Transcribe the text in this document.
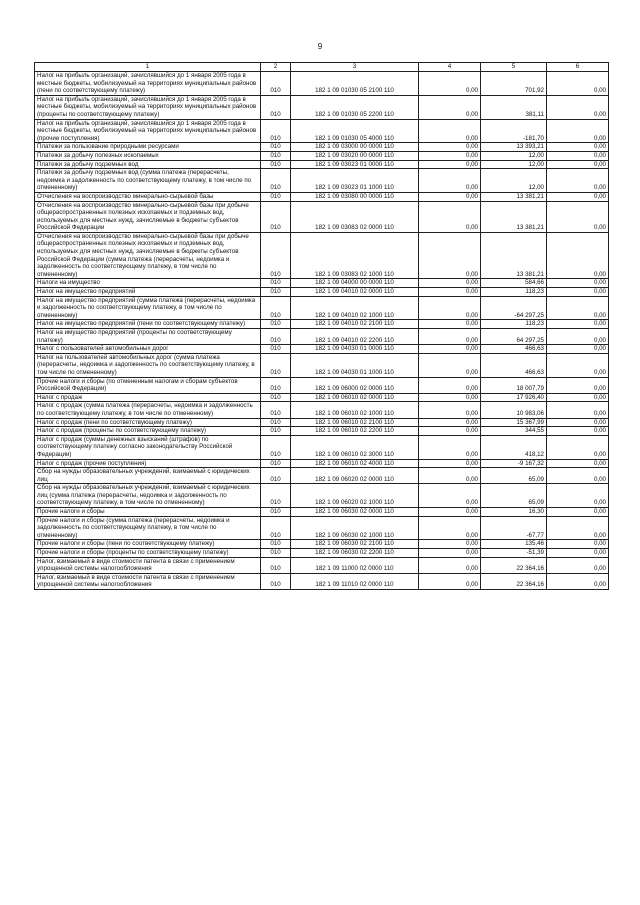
9
1	2	3	4	5	6
Налог на прибыль организаций, зачислявшийся до 1 января 2005 года в местные бюджеты, мобилизуемый на территориях муниципальных районов (пени по соответствующему платежу)	010	182 1 09 01030 05 2100 110	0,00	701,92	0,00
Налог на прибыль организаций, зачислявшийся до 1 января 2005 года в местные бюджеты, мобилизуемый на территориях муниципальных районов (проценты по соответствующему платежу)	010	182 1 09 01030 05 2200 110	0,00	381,11	0,00
Налог на прибыль организаций, зачислявшийся до 1 января 2005 года в местные бюджеты, мобилизуемый на территориях муниципальных районов (прочие поступления)	010	182 1 09 01030 05 4000 110	0,00	-181,70	0,00
Платежи за пользование природными ресурсами	010	182 1 09 03000 00 0000 110	0,00	13 393,21	0,00
Платежи за добычу полезных ископаемых	010	182 1 09 03020 00 0000 110	0,00	12,00	0,00
Платежи за добычу подземных вод	010	182 1 09 03023 01 0000 110	0,00	12,00	0,00
Платежи за добычу подземных вод (сумма платежа (перерасчеты, недоимка и задолженность по соответствующему платежу, в том числе по отмененному)	010	182 1 09 03023 01 1000 110	0,00	12,00	0,00
Отчисления на воспроизводство минерально-сырьевой базы	010	182 1 09 03080 00 0000 110	0,00	13 381,21	0,00
Отчисления на воспроизводство минерально-сырьевой базы при добыче общераспространенных полезных ископаемых и подземных вод, используемых для местных нужд, зачисляемые в бюджеты субъектов Российской Федерации	010	182 1 09 03083 02 0000 110	0,00	13 381,21	0,00
Отчисления на воспроизводство минерально-сырьевой базы при добыче общераспространенных полезных ископаемых и подземных вод, используемых для местных нужд, зачисляемые в бюджеты субъектов Российской Федерации (сумма платежа (перерасчеты, недоимка и задолженность по соответствующему платежу, в том числе по отмененному)	010	182 1 09 03083 02 1000 110	0,00	13 381,21	0,00
Налоги на имущество	010	182 1 09 04000 00 0000 110	0,00	584,66	0,00
Налог на имущество предприятий	010	182 1 09 04010 02 0000 110	0,00	118,23	0,00
Налог на имущество предприятий (сумма платежа (перерасчеты, недоимка и задолженность по соответствующему платежу, в том числе по отмененному)	010	182 1 09 04010 02 1000 110	0,00	-64 297,25	0,00
Налог на имущество предприятий (пени по соответствующему платежу)	010	182 1 09 04010 02 2100 110	0,00	118,23	0,00
Налог на имущество предприятий (проценты по соответствующему платежу)	010	182 1 09 04010 02 2200 110	0,00	64 297,25	0,00
Налог с пользователей автомобильных дорог	010	182 1 09 04030 01 0000 110	0,00	466,63	0,00
Налог на пользователей автомобильных дорог (сумма платежа (перерасчеты, недоимка и задолженность по соответствующему платежу, в том числе по отмененному)	010	182 1 09 04030 01 1000 110	0,00	466,63	0,00
Прочие налоги и сборы (по отмененным налогам и сборам субъектов Российской Федерации)	010	182 1 09 06000 02 0000 110	0,00	18 007,79	0,00
Налог с продаж	010	182 1 09 06010 02 0000 110	0,00	17 926,40	0,00
Налог с продаж (сумма платежа (перерасчеты, недоимка и задолженность по соответствующему платежу, в том числе по отмененному)	010	182 1 09 06010 02 1000 110	0,00	10 983,06	0,00
Налог с продаж (пени по соответствующему платежу)	010	182 1 09 06010 02 2100 110	0,00	15 367,99	0,00
Налог с продаж (проценты по соответствующему платежу)	010	182 1 09 06010 02 2200 110	0,00	344,55	0,00
Налог с продаж (суммы денежных взысканий (штрафов) по соответствующему платежу согласно законодательству Российской Федерации)	010	182 1 09 06010 02 3000 110	0,00	418,12	0,00
Налог с продаж (прочие поступления)	010	182 1 09 06010 02 4000 110	0,00	-9 167,32	0,00
Сбор на нужды образовательных учреждений, взимаемый с юридических лиц	010	182 1 09 06020 02 0000 110	0,00	65,09	0,00
Сбор на нужды образовательных учреждений, взимаемый с юридических лиц (сумма платежа (перерасчеты, недоимка и задолженность по соответствующему платежу, в том числе по отмененному)	010	182 1 09 06020 02 1000 110	0,00	65,09	0,00
Прочие налоги и сборы	010	182 1 09 06030 02 0000 110	0,00	16,30	0,00
Прочие налоги и сборы (сумма платежа (перерасчеты, недоимка и задолженность по соответствующему платежу, в том числе по отмененному)	010	182 1 09 06030 02 1000 110	0,00	-67,77	0,00
Прочие налоги и сборы (пени по соответствующему платежу)	010	182 1 09 06030 02 2100 110	0,00	135,46	0,00
Прочие налоги и сборы (проценты по соответствующему платежу)	010	182 1 09 06030 02 2200 110	0,00	-51,39	0,00
Налог, взимаемый в виде стоимости патента в связи с применением упрощенной системы налогообложения	010	182 1 09 11000 02 0000 110	0,00	22 364,16	0,00
Налог, взимаемый в виде стоимости патента в связи с применением упрощенной системы налогообложения	010	182 1 09 11010 02 0000 110	0,00	22 364,16	0,00
